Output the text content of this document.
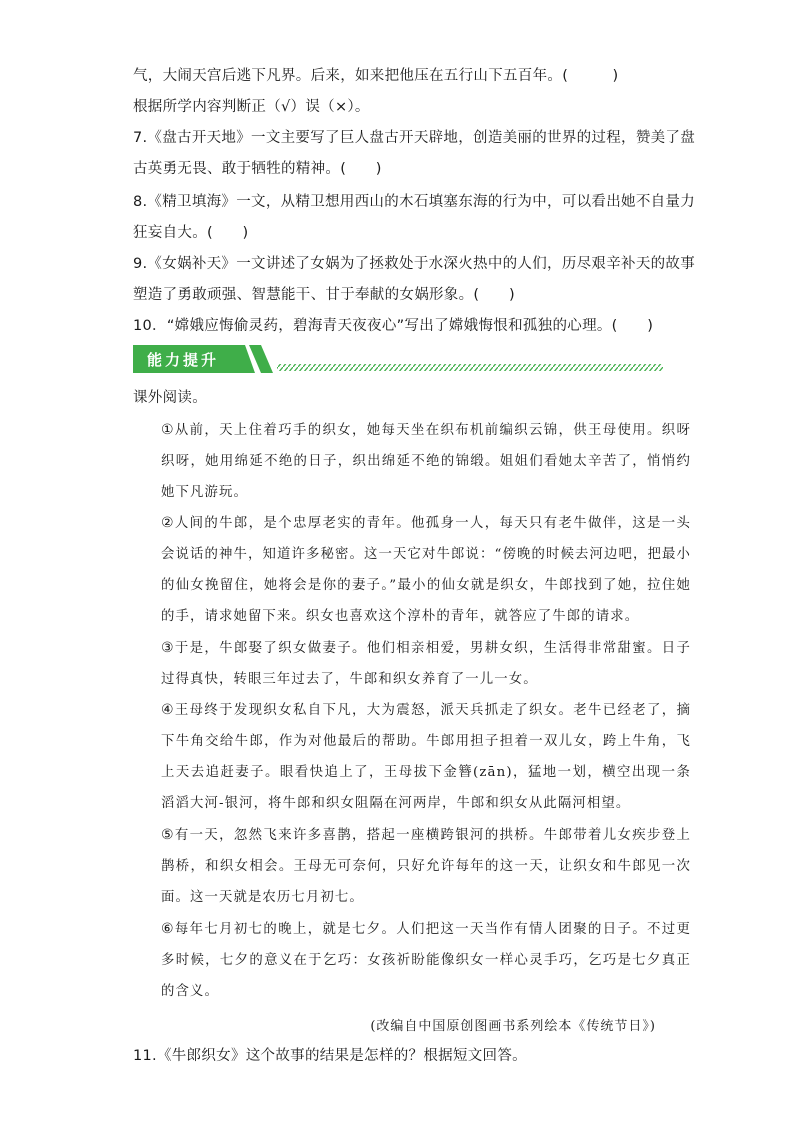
气，大闹天宫后逃下凡界。后来，如来把他压在五行山下五百年。(　　　)
根据所学内容判断正（√）误（×）。
7.《盘古开天地》一文主要写了巨人盘古开天辟地，创造美丽的世界的过程，赞美了盘
古英勇无畏、敢于牺牲的精神。(　　)
8.《精卫填海》一文，从精卫想用西山的木石填塞东海的行为中，可以看出她不自量力
狂妄自大。(　　)
9.《女娲补天》一文讲述了女娲为了拯救处于水深火热中的人们，历尽艰辛补天的故事
塑造了勇敢顽强、智慧能干、甘于奉献的女娲形象。(　　)
10．“嫦娥应悔偷灵药，碧海青天夜夜心”写出了嫦娥悔恨和孤独的心理。(　　)
能力提升
课外阅读。
①从前，天上住着巧手的织女，她每天坐在织布机前编织云锦，供王母使用。织呀织呀，她用绵延不绝的日子，织出绵延不绝的锦缎。姐姐们看她太辛苦了，悄悄约她下凡游玩。
②人间的牛郎，是个忠厚老实的青年。他孤身一人，每天只有老牛做伴，这是一头会说话的神牛，知道许多秘密。这一天它对牛郎说：“傍晚的时候去河边吧，把最小的仙女挽留住，她将会是你的妻子。”最小的仙女就是织女，牛郎找到了她，拉住她的手，请求她留下来。织女也喜欢这个淳朴的青年，就答应了牛郎的请求。
③于是，牛郎娶了织女做妻子。他们相亲相爱，男耕女织，生活得非常甜蜜。日子过得真快，转眼三年过去了，牛郎和织女养育了一儿一女。
④王母终于发现织女私自下凡，大为震怒，派天兵抓走了织女。老牛已经老了，摘下牛角交给牛郎，作为对他最后的帮助。牛郎用担子担着一双儿女，跨上牛角，飞上天去追赶妻子。眼看快追上了，王母拔下金簪(zān)，猛地一划，横空出现一条滔滔大河-银河，将牛郎和织女阻隔在河两岸，牛郎和织女从此隔河相望。
⑤有一天，忽然飞来许多喜鹊，搭起一座横跨银河的拱桥。牛郎带着儿女疾步登上鹊桥，和织女相会。王母无可奈何，只好允许每年的这一天，让织女和牛郎见一次面。这一天就是农历七月初七。
⑥每年七月初七的晚上，就是七夕。人们把这一天当作有情人团聚的日子。不过更多时候，七夕的意义在于乞巧：女孩祈盼能像织女一样心灵手巧，乞巧是七夕真正的含义。
(改编自中国原创图画书系列绘本《传统节日》)
11.《牛郎织女》这个故事的结果是怎样的？根据短文回答。
